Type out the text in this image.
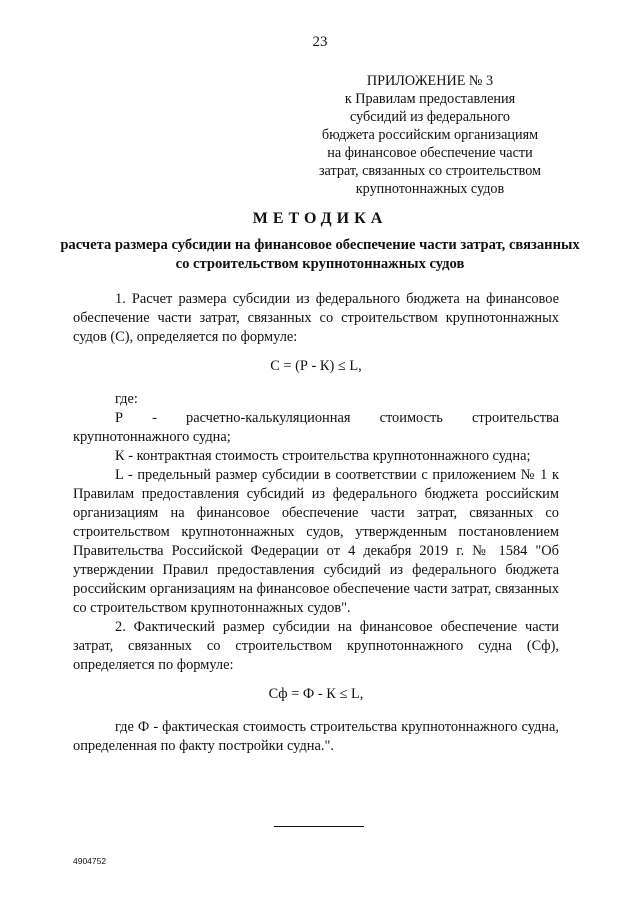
23
ПРИЛОЖЕНИЕ № 3
к Правилам предоставления
субсидий из федерального
бюджета российским организациям
на финансовое обеспечение части
затрат, связанных со строительством
крупнотоннажных судов
МЕТОДИКА
расчета размера субсидии на финансовое обеспечение части затрат, связанных со строительством крупнотоннажных судов

1. Расчет размера субсидии из федерального бюджета на финансовое обеспечение части затрат, связанных со строительством крупнотоннажных судов (С), определяется по формуле:

С = (Р - К) ≤ L,

где:

Р - расчетно-калькуляционная стоимость строительства крупнотоннажного судна;

К - контрактная стоимость строительства крупнотоннажного судна;

L - предельный размер субсидии в соответствии с приложением № 1 к Правилам предоставления субсидий из федерального бюджета российским организациям на финансовое обеспечение части затрат, связанных со строительством крупнотоннажных судов, утвержденным постановлением Правительства Российской Федерации от 4 декабря 2019 г. № 1584 "Об утверждении Правил предоставления субсидий из федерального бюджета российским организациям на финансовое обеспечение части затрат, связанных со строительством крупнотоннажных судов".

2. Фактический размер субсидии на финансовое обеспечение части затрат, связанных со строительством крупнотоннажного судна (Сф), определяется по формуле:

Сф = Ф - К ≤ L,

где Ф - фактическая стоимость строительства крупнотоннажного судна, определенная по факту постройки судна.".

4904752
